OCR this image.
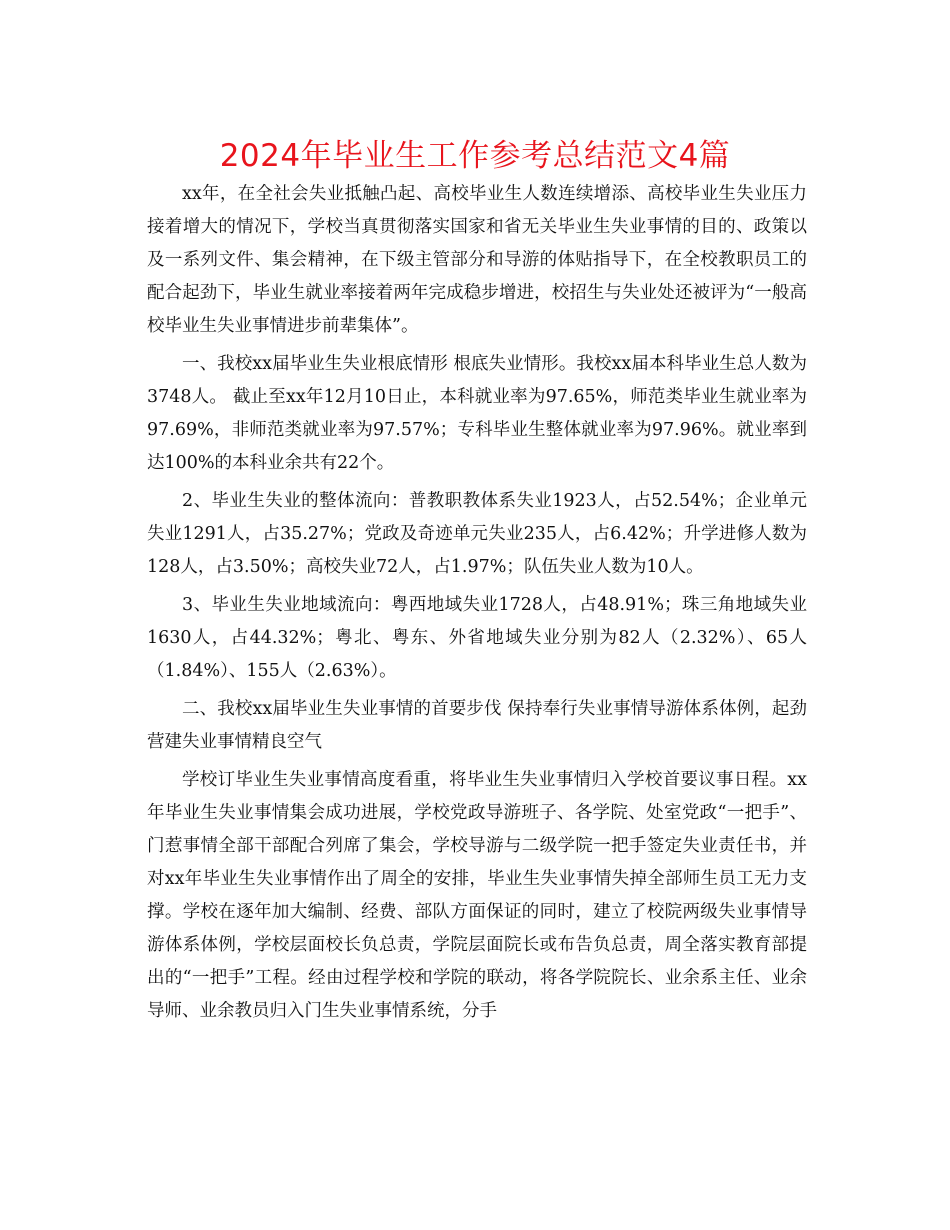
2024年毕业生工作参考总结范文4篇

xx年，在全社会失业抵触凸起、高校毕业生人数连续增添、高校毕业生失业压力接着增大的情况下，学校当真贯彻落实国家和省无关毕业生失业事情的目的、政策以及一系列文件、集会精神，在下级主管部分和导游的体贴指导下，在全校教职员工的配合起劲下，毕业生就业率接着两年完成稳步增进，校招生与失业处还被评为“一般高校毕业生失业事情进步前辈集体”。

一、我校xx届毕业生失业根底情形 根底失业情形。我校xx届本科毕业生总人数为3748人。 截止至xx年12月10日止，本科就业率为97.65%，师范类毕业生就业率为97.69%，非师范类就业率为97.57%；专科毕业生整体就业率为97.96%。就业率到达100%的本科业余共有22个。

2、毕业生失业的整体流向：普教职教体系失业1923人，占52.54%；企业单元失业1291人，占35.27%；党政及奇迹单元失业235人，占6.42%；升学进修人数为128人，占3.50%；高校失业72人，占1.97%；队伍失业人数为10人。

3、毕业生失业地域流向：粤西地域失业1728人，占48.91%；珠三角地域失业1630人，占44.32%；粤北、粤东、外省地域失业分别为82人（2.32%）、65人（1.84%）、155人（2.63%）。

二、我校xx届毕业生失业事情的首要步伐 保持奉行失业事情导游体系体例，起劲营建失业事情精良空气

学校订毕业生失业事情高度看重，将毕业生失业事情归入学校首要议事日程。xx年毕业生失业事情集会成功进展，学校党政导游班子、各学院、处室党政“一把手”、门惹事情全部干部配合列席了集会，学校导游与二级学院一把手签定失业责任书，并对xx年毕业生失业事情作出了周全的安排，毕业生失业事情失掉全部师生员工无力支撑。学校在逐年加大编制、经费、部队方面保证的同时，建立了校院两级失业事情导游体系体例，学校层面校长负总责，学院层面院长或布告负总责，周全落实教育部提出的“一把手”工程。经由过程学校和学院的联动，将各学院院长、业余系主任、业余导师、业余教员归入门生失业事情系统，分手
